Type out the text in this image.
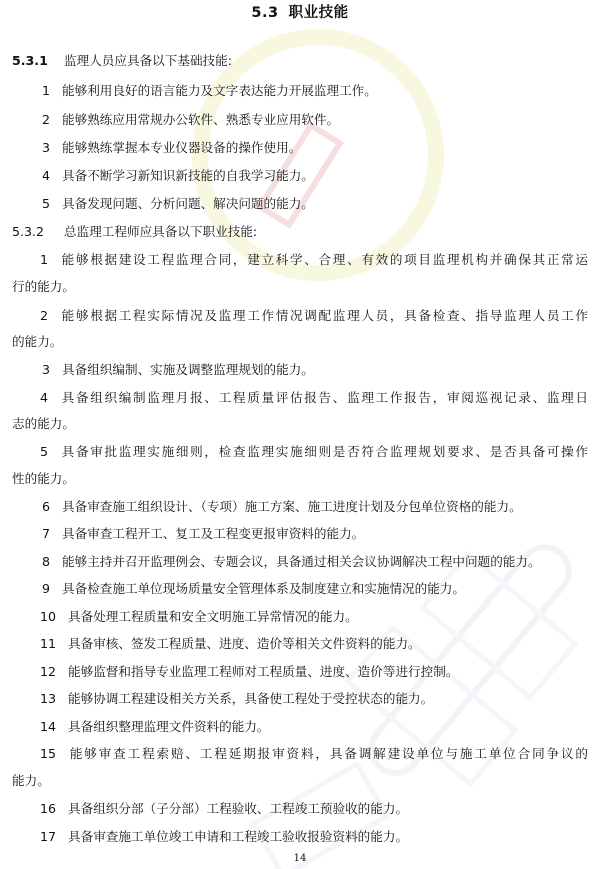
5.3 职业技能
5.3.1 监理人员应具备以下基础技能:
1 能够利用良好的语言能力及文字表达能力开展监理工作。
2 能够熟练应用常规办公软件、熟悉专业应用软件。
3 能够熟练掌握本专业仪器设备的操作使用。
4 具备不断学习新知识新技能的自我学习能力。
5 具备发现问题、分析问题、解决问题的能力。
5.3.2 总监理工程师应具备以下职业技能:
1 能够根据建设工程监理合同，建立科学、合理、有效的项目监理机构并确保其正常运
行的能力。
2 能够根据工程实际情况及监理工作情况调配监理人员，具备检查、指导监理人员工作
的能力。
3 具备组织编制、实施及调整监理规划的能力。
4 具备组织编制监理月报、工程质量评估报告、监理工作报告，审阅巡视记录、监理日
志的能力。
5 具备审批监理实施细则，检查监理实施细则是否符合监理规划要求、是否具备可操作
性的能力。
6 具备审查施工组织设计、（专项）施工方案、施工进度计划及分包单位资格的能力。
7 具备审查工程开工、复工及工程变更报审资料的能力。
8 能够主持并召开监理例会、专题会议，具备通过相关会议协调解决工程中问题的能力。
9 具备检查施工单位现场质量安全管理体系及制度建立和实施情况的能力。
10 具备处理工程质量和安全文明施工异常情况的能力。
11 具备审核、签发工程质量、进度、造价等相关文件资料的能力。
12 能够监督和指导专业监理工程师对工程质量、进度、造价等进行控制。
13 能够协调工程建设相关方关系，具备使工程处于受控状态的能力。
14 具备组织整理监理文件资料的能力。
15 能够审查工程索赔、工程延期报审资料，具备调解建设单位与施工单位合同争议的
能力。
16 具备组织分部（子分部）工程验收、工程竣工预验收的能力。
17 具备审查施工单位竣工申请和工程竣工验收报验资料的能力。
14
